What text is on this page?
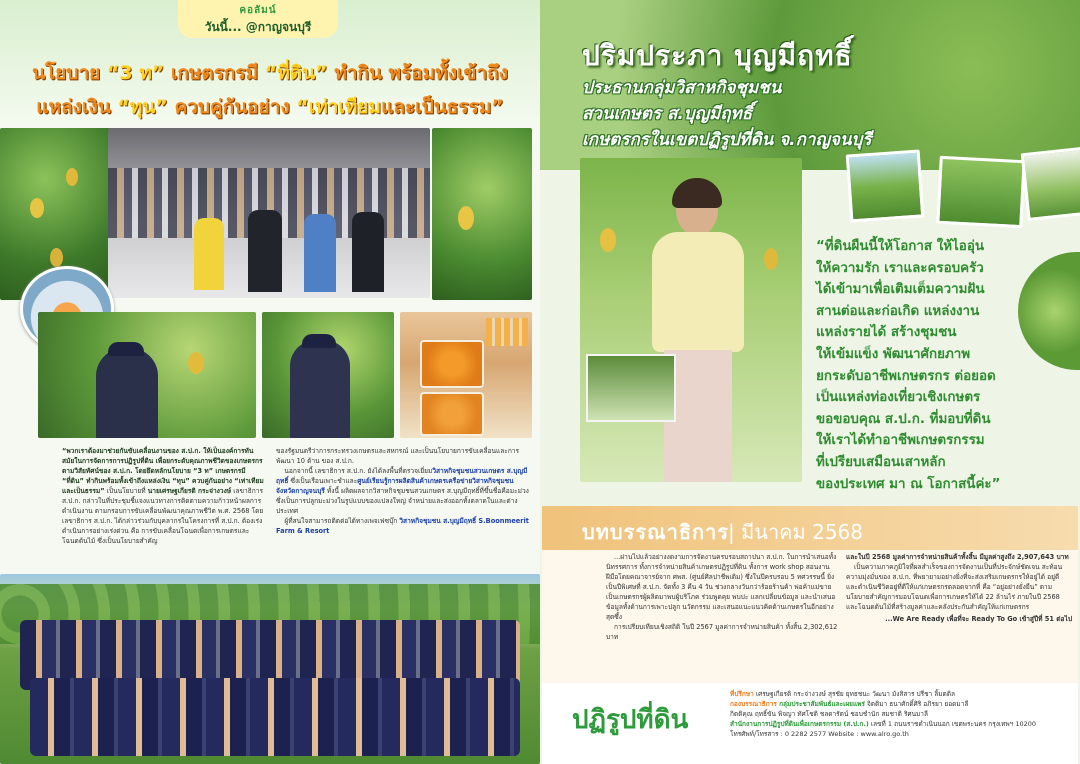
คอลัมน์
วันนี้... @กาญจนบุรี
นโยบาย “3 ท” เกษตรกรมี “ที่ดิน” ทำกิน พร้อมทั้งเข้าถึง
แหล่งเงิน “ทุน” ควบคู่กันอย่าง “เท่าเทียมและเป็นธรรม”
“พวกเราต้องมาช่วยกันขับเคลื่อนงานของ ส.ป.ก. ให้เป็นองค์การทันสมัยในการจัดการการปฏิรูปที่ดิน เพื่อยกระดับคุณภาพชีวิตของเกษตรกร ตามวิสัยทัศน์ของ ส.ป.ก. โดยยึดหลักนโยบาย “3 ท” เกษตรกรมี “ที่ดิน” ทำกินพร้อมทั้งเข้าถึงแหล่งเงิน “ทุน” ควบคู่กันอย่าง “เท่าเทียมและเป็นธรรม” เป็นนโยบายที่ นายเศรษฐเกียรติ กระจ่างวงษ์ เลขาธิการ ส.ป.ก. กล่าวในที่ประชุมชี้แจงแนวทางการติดตามความก้าวหน้าผลการดำเนินงาน ตามกรอบการขับเคลื่อนพัฒนาคุณภาพชีวิต พ.ศ. 2568 โดยเลขาธิการ ส.ป.ก. ได้กล่าวร่วมกับบุคลากรในโครงการที่ ส.ป.ก. ต้องเร่งดำเนินการอย่างเร่งด่วน คือ การขับเคลื่อนโฉนดเพื่อการเกษตรและโฉนดต้นไม้ ซึ่งเป็นนโยบายสำคัญ
ของรัฐมนตรีว่าการกระทรวงเกษตรและสหกรณ์ และเป็นนโยบายการขับเคลื่อนและการพัฒนา 10 ด้าน ของ ส.ป.ก.
นอกจากนี้ เลขาธิการ ส.ป.ก. ยังได้ลงพื้นที่ตรวจเยี่ยมวิสาหกิจชุมชนสวนเกษตร ส.บุญมีฤทธิ์ ซึ่งเป็นเรือนเพาะชำและศูนย์เรียนรู้การผลิตสินค้าเกษตรเครือข่ายวิสาหกิจชุมชนจังหวัดกาญจนบุรี ทั้งนี้ ผลิตผลจากวิสาหกิจชุมชนสวนเกษตร ส.บุญมีฤทธิ์ที่ขึ้นชื่อคือมะม่วง ซึ่งเป็นการปลูกมะม่วงในรูปแบบของแปลงใหญ่ จำหน่ายและส่งออกทั้งตลาดในและต่างประเทศ
ผู้ที่สนใจสามารถติดต่อได้ทางเพจเฟซบุ๊ก วิสาหกิจชุมชน ส.บุญมีฤทธิ์ S.Boonmeerit Farm & Resort
ปริมประภา บุญมีฤทธิ์
ประธานกลุ่มวิสาหกิจชุมชน
สวนเกษตร ส.บุญมีฤทธิ์
เกษตรกรในเขตปฏิรูปที่ดิน จ.กาญจนบุรี
“ที่ดินผืนนี้ให้โอกาส ให้ไออุ่น
ให้ความรัก เราและครอบครัว
ได้เข้ามาเพื่อเติมเต็มความฝัน
สานต่อและก่อเกิด แหล่งงาน
แหล่งรายได้ สร้างชุมชน
ให้เข้มแข็ง พัฒนาศักยภาพ
ยกระดับอาชีพเกษตรกร ต่อยอด
เป็นแหล่งท่องเที่ยวเชิงเกษตร
ขอขอบคุณ ส.ป.ก. ที่มอบที่ดิน
ให้เราได้ทำอาชีพเกษตรกรรม
ที่เปรียบเสมือนเสาหลัก
ของประเทศ มา ณ โอกาสนี้ค่ะ”
บทบรรณาธิการ
| มีนาคม 2568
...ผ่านไปแล้วอย่างงดงามการจัดงานครบรอบสถาปนา ส.ป.ก. ในการนำเสนอทั้งนิทรรศการ ทั้งการจำหน่ายสินค้าเกษตรปฏิรูปที่ดิน ทั้งการ work shop สอนงานฝีมือโดยคณาจารย์จาก ศพส. (ศูนย์ศิลปาชีพเดิม) ซึ่งในปีครบรอบ 5 ทศวรรษนี้ ยิ่งเป็นปีพิเศษที่ ส.ป.ก. จัดทั้ง 3 คืน 4 วัน ช่วงกลางวันกว่าร้อยร้านค้า พ่อค้าแม่ขายเป็นเกษตรกรผู้ผลิตมาพบผู้บริโภค ร่วมพูดคุย พบปะ แลกเปลี่ยนข้อมูล และนำเสนอข้อมูลทั้งด้านการเพาะปลูก นวัตกรรม และเสนอแนะแนวคิดด้านเกษตรในอีกอย่างสุดซึ้ง
การเปรียบเทียบเชิงสถิติ ในปี 2567 มูลค่าการจำหน่ายสินค้า ทั้งสิ้น 2,302,612 บาท
และในปี 2568 มูลค่าการจำหน่ายสินค้าทั้งสิ้น มีมูลค่าสูงถึง 2,907,643 บาท
เป็นความภาคภูมิใจที่ผลสำเร็จของการจัดงานเป็นที่ประจักษ์ชัดเจน สะท้อนความมุ่งมั่นของ ส.ป.ก. ที่พยายามอย่างยิ่งที่จะส่งเสริมเกษตรกรให้อยู่ได้ อยู่ดี และดำเนินชีวิตอยู่ที่ดีให้แก่เกษตรกรตลอดจากที่ คือ “อยู่อย่างยั่งยืน” ตามนโยบายสำคัญการมอบโฉนดเพื่อการเกษตรให้ได้ 22 ล้านไร่ ภายในปี 2568 และโฉนดต้นไม้ที่สร้างมูลค่าและคลังประกันสำคัญให้แก่เกษตรกร
...We Are Ready เพื่อที่จะ Ready To Go เข้าสู่ปีที่ 51 ต่อไป
ปฏิรูปที่ดิน
ที่ปรึกษา เศรษฐเกียรติ กระจ่างวงษ์ สุรชัย ยุทธชนะ วัฒนา มังสิสาร ปรีชา ลิ้มตติล
กองบรรณาธิการ กลุ่มประชาสัมพันธ์และเผยแพร่ จิตติมา ธนาศักดิ์ศิริ อภิรยา ยอดมาลี
กิตติคุณ ฤทธิ์ขัน พิจญา ทัศโชติ ชลดารัตน์ ชอบชำนัก สมชาติ ริศนมาลี
สำนักงานการปฏิรูปที่ดินเพื่อเกษตรกรรม (ส.ป.ก.) เลขที่ 1 ถนนราชดำเนินนอก เขตพระนคร กรุงเทพฯ 10200
โทรศัพท์/โทรสาร : 0 2282 2577 Website : www.alro.go.th
